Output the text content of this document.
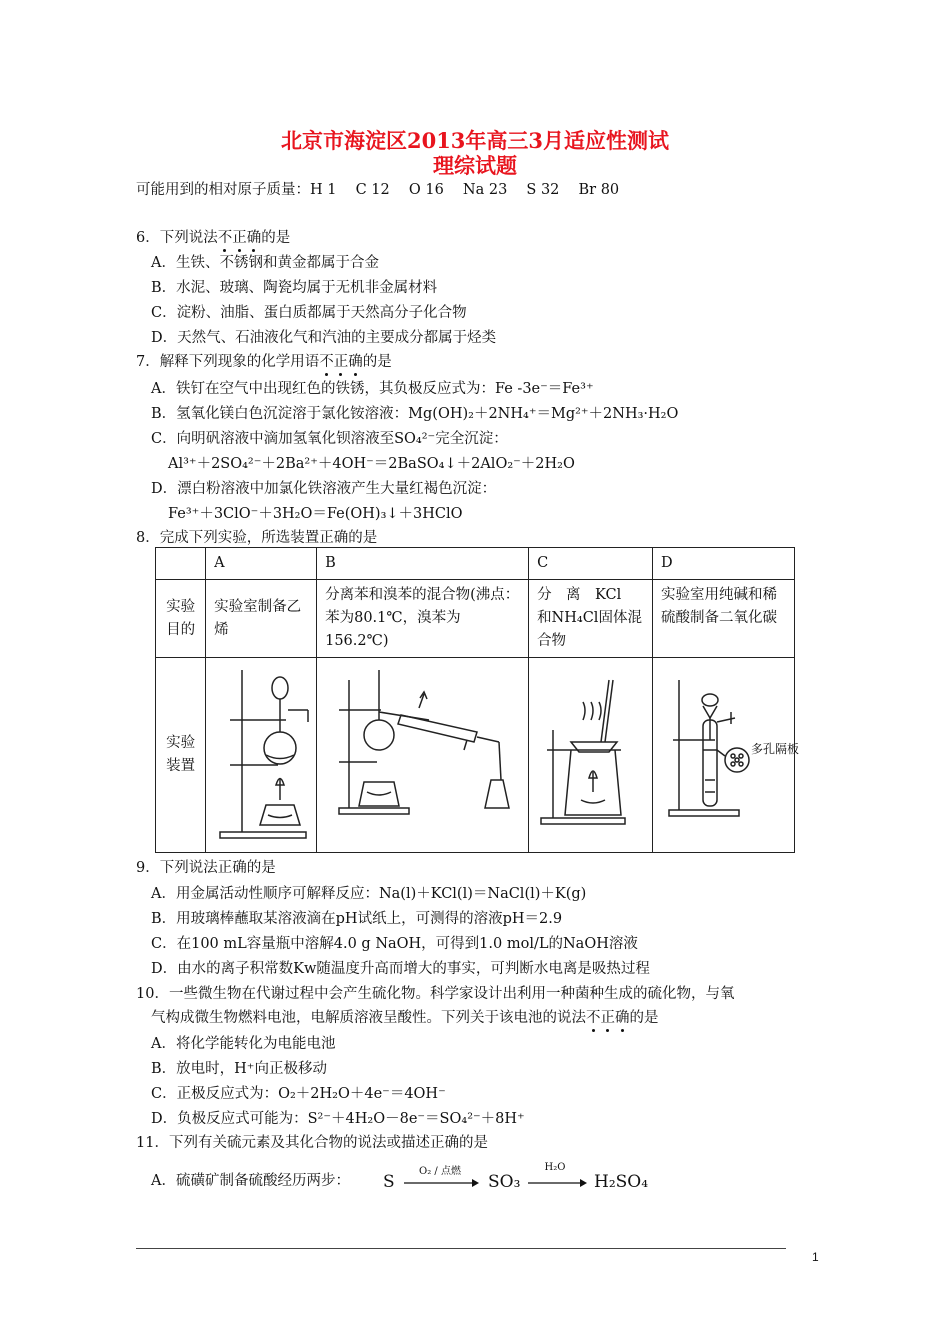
北京市海淀区2013年高三3月适应性测试
理综试题
可能用到的相对原子质量：H 1　 C 12　 O 16　 Na 23　 S 32　 Br 80
6．下列说法不正确的是
A．生铁、不锈钢和黄金都属于合金
B．水泥、玻璃、陶瓷均属于无机非金属材料
C．淀粉、油脂、蛋白质都属于天然高分子化合物
D．天然气、石油液化气和汽油的主要成分都属于烃类
7．解释下列现象的化学用语不正确的是
A．铁钉在空气中出现红色的铁锈，其负极反应式为：Fe -3e⁻＝Fe³⁺
B．氢氧化镁白色沉淀溶于氯化铵溶液：Mg(OH)₂＋2NH₄⁺＝Mg²⁺＋2NH₃·H₂O
C．向明矾溶液中滴加氢氧化钡溶液至SO₄²⁻完全沉淀：
Al³⁺＋2SO₄²⁻＋2Ba²⁺＋4OH⁻＝2BaSO₄↓＋2AlO₂⁻＋2H₂O
D．漂白粉溶液中加氯化铁溶液产生大量红褐色沉淀：
Fe³⁺＋3ClO⁻＋3H₂O＝Fe(OH)₃↓＋3HClO
8．完成下列实验，所选装置正确的是
	A	B	C	D
实验目的	实验室制备乙烯	分离苯和溴苯的混合物(沸点：苯为80.1℃，溴苯为156.2℃)	分　离　KCl　和NH₄Cl固体混合物	实验室用纯碱和稀硫酸制备二氧化碳
实验装置				多孔隔板
9．下列说法正确的是
A．用金属活动性顺序可解释反应：Na(l)＋KCl(l)＝NaCl(l)＋K(g)
B．用玻璃棒蘸取某溶液滴在pH试纸上，可测得的溶液pH＝2.9
C．在100 mL容量瓶中溶解4.0 g NaOH，可得到1.0 mol/L的NaOH溶液
D．由水的离子积常数Kw随温度升高而增大的事实，可判断水电离是吸热过程
10．一些微生物在代谢过程中会产生硫化物。科学家设计出利用一种菌种生成的硫化物，与氧
气构成微生物燃料电池，电解质溶液呈酸性。下列关于该电池的说法不正确的是
A．将化学能转化为电能电池
B．放电时，H⁺向正极移动
C．正极反应式为：O₂＋2H₂O＋4e⁻＝4OH⁻
D．负极反应式可能为：S²⁻＋4H₂O－8e⁻＝SO₄²⁻＋8H⁺
11．下列有关硫元素及其化合物的说法或描述正确的是
A．硫磺矿制备硫酸经历两步： S
O₂ / 点燃
SO₃
H₂O
→ H₂SO₄
1
